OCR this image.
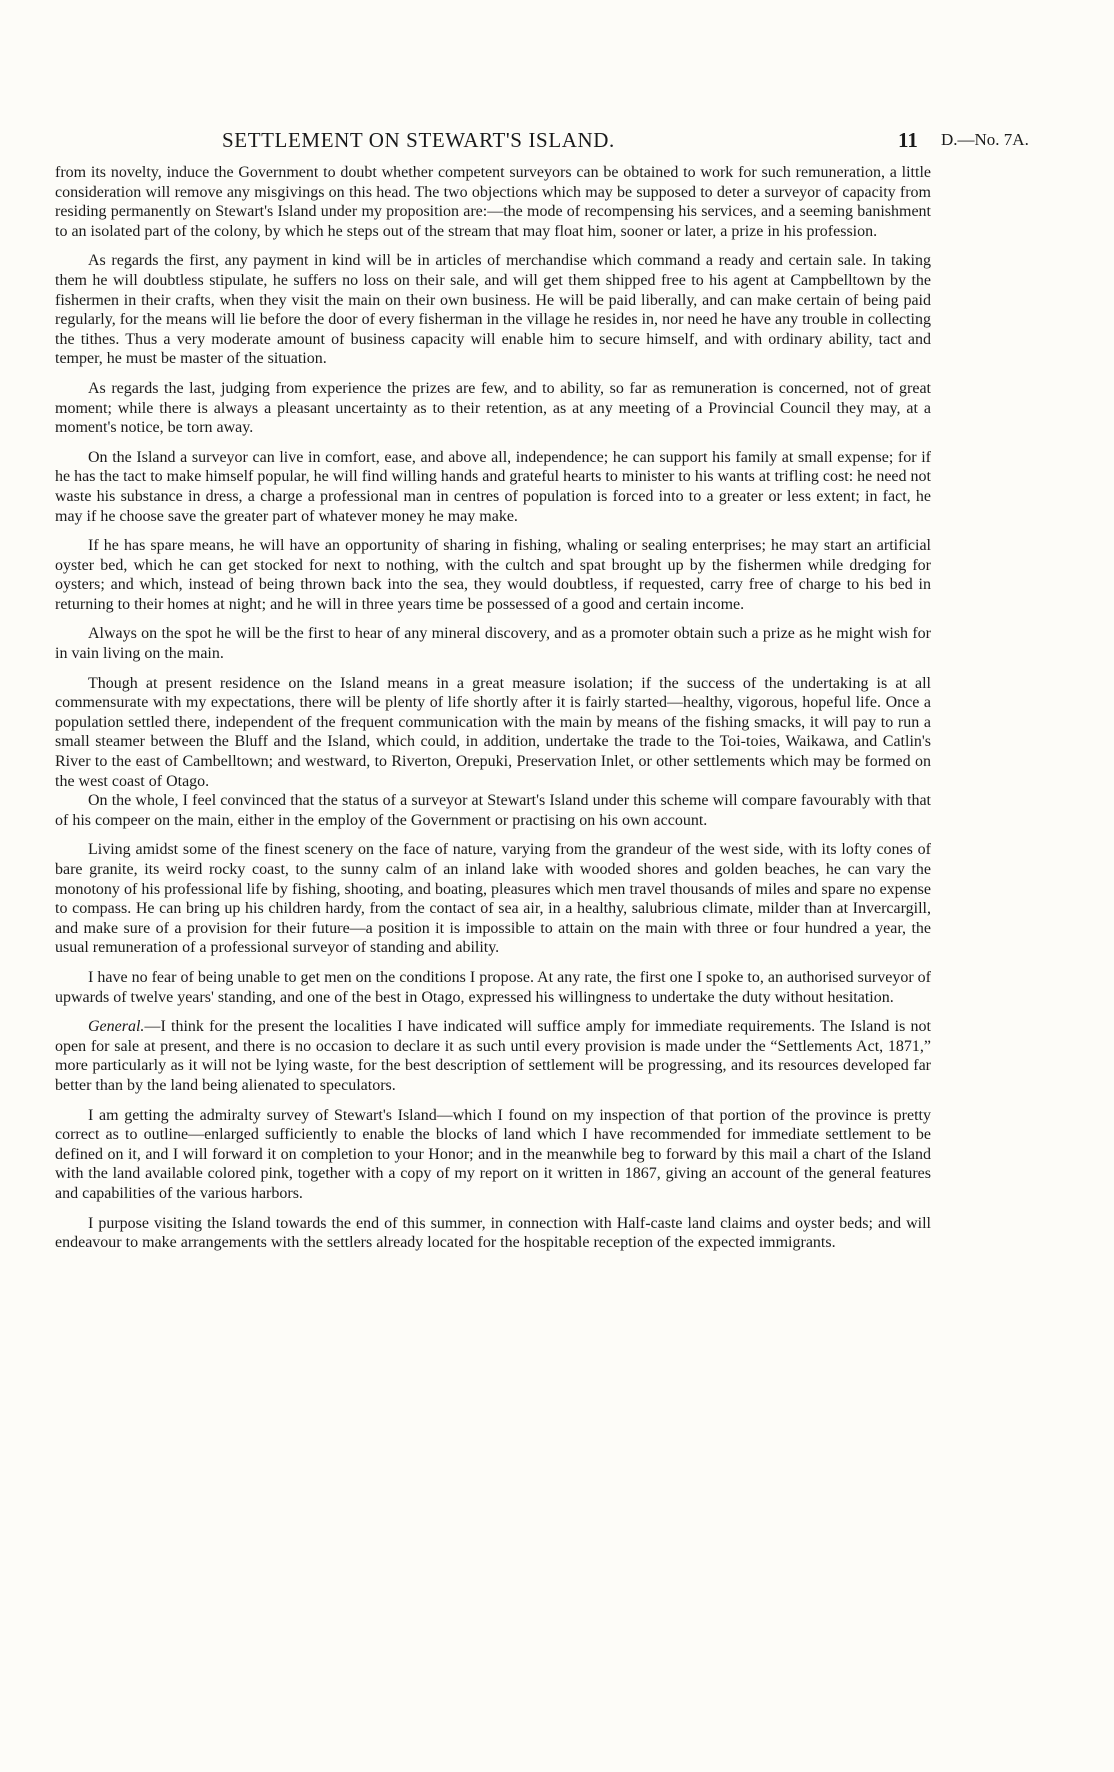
SETTLEMENT ON STEWART'S ISLAND.	11 D.—No. 7A.

from its novelty, induce the Government to doubt whether competent surveyors can be obtained to work for such remuneration, a little consideration will remove any misgivings on this head. The two objections which may be supposed to deter a surveyor of capacity from residing permanently on Stewart's Island under my proposition are:—the mode of recompensing his services, and a seeming banishment to an isolated part of the colony, by which he steps out of the stream that may float him, sooner or later, a prize in his profession.

As regards the first, any payment in kind will be in articles of merchandise which command a ready and certain sale. In taking them he will doubtless stipulate, he suffers no loss on their sale, and will get them shipped free to his agent at Campbelltown by the fishermen in their crafts, when they visit the main on their own business. He will be paid liberally, and can make certain of being paid regularly, for the means will lie before the door of every fisherman in the village he resides in, nor need he have any trouble in collecting the tithes. Thus a very moderate amount of business capacity will enable him to secure himself, and with ordinary ability, tact and temper, he must be master of the situation.

As regards the last, judging from experience the prizes are few, and to ability, so far as remuneration is concerned, not of great moment; while there is always a pleasant uncertainty as to their retention, as at any meeting of a Provincial Council they may, at a moment's notice, be torn away.

On the Island a surveyor can live in comfort, ease, and above all, independence; he can support his family at small expense; for if he has the tact to make himself popular, he will find willing hands and grateful hearts to minister to his wants at trifling cost: he need not waste his substance in dress, a charge a professional man in centres of population is forced into to a greater or less extent; in fact, he may if he choose save the greater part of whatever money he may make.

If he has spare means, he will have an opportunity of sharing in fishing, whaling or sealing enterprises; he may start an artificial oyster bed, which he can get stocked for next to nothing, with the cultch and spat brought up by the fishermen while dredging for oysters; and which, instead of being thrown back into the sea, they would doubtless, if requested, carry free of charge to his bed in returning to their homes at night; and he will in three years time be possessed of a good and certain income.

Always on the spot he will be the first to hear of any mineral discovery, and as a promoter obtain such a prize as he might wish for in vain living on the main.

Though at present residence on the Island means in a great measure isolation; if the success of the undertaking is at all commensurate with my expectations, there will be plenty of life shortly after it is fairly started—healthy, vigorous, hopeful life. Once a population settled there, independent of the frequent communication with the main by means of the fishing smacks, it will pay to run a small steamer between the Bluff and the Island, which could, in addition, undertake the trade to the Toi-toies, Waikawa, and Catlin's River to the east of Cambelltown; and westward, to Riverton, Orepuki, Preservation Inlet, or other settlements which may be formed on the west coast of Otago.

On the whole, I feel convinced that the status of a surveyor at Stewart's Island under this scheme will compare favourably with that of his compeer on the main, either in the employ of the Government or practising on his own account.

Living amidst some of the finest scenery on the face of nature, varying from the grandeur of the west side, with its lofty cones of bare granite, its weird rocky coast, to the sunny calm of an inland lake with wooded shores and golden beaches, he can vary the monotony of his professional life by fishing, shooting, and boating, pleasures which men travel thousands of miles and spare no expense to compass. He can bring up his children hardy, from the contact of sea air, in a healthy, salubrious climate, milder than at Invercargill, and make sure of a provision for their future—a position it is impossible to attain on the main with three or four hundred a year, the usual remuneration of a professional surveyor of standing and ability.

I have no fear of being unable to get men on the conditions I propose. At any rate, the first one I spoke to, an authorised surveyor of upwards of twelve years' standing, and one of the best in Otago, expressed his willingness to undertake the duty without hesitation.

General.—I think for the present the localities I have indicated will suffice amply for immediate requirements. The Island is not open for sale at present, and there is no occasion to declare it as such until every provision is made under the “Settlements Act, 1871,” more particularly as it will not be lying waste, for the best description of settlement will be progressing, and its resources developed far better than by the land being alienated to speculators.

I am getting the admiralty survey of Stewart's Island—which I found on my inspection of that portion of the province is pretty correct as to outline—enlarged sufficiently to enable the blocks of land which I have recommended for immediate settlement to be defined on it, and I will forward it on completion to your Honor; and in the meanwhile beg to forward by this mail a chart of the Island with the land available colored pink, together with a copy of my report on it written in 1867, giving an account of the general features and capabilities of the various harbors.

I purpose visiting the Island towards the end of this summer, in connection with Half-caste land claims and oyster beds; and will endeavour to make arrangements with the settlers already located for the hospitable reception of the expected immigrants.
